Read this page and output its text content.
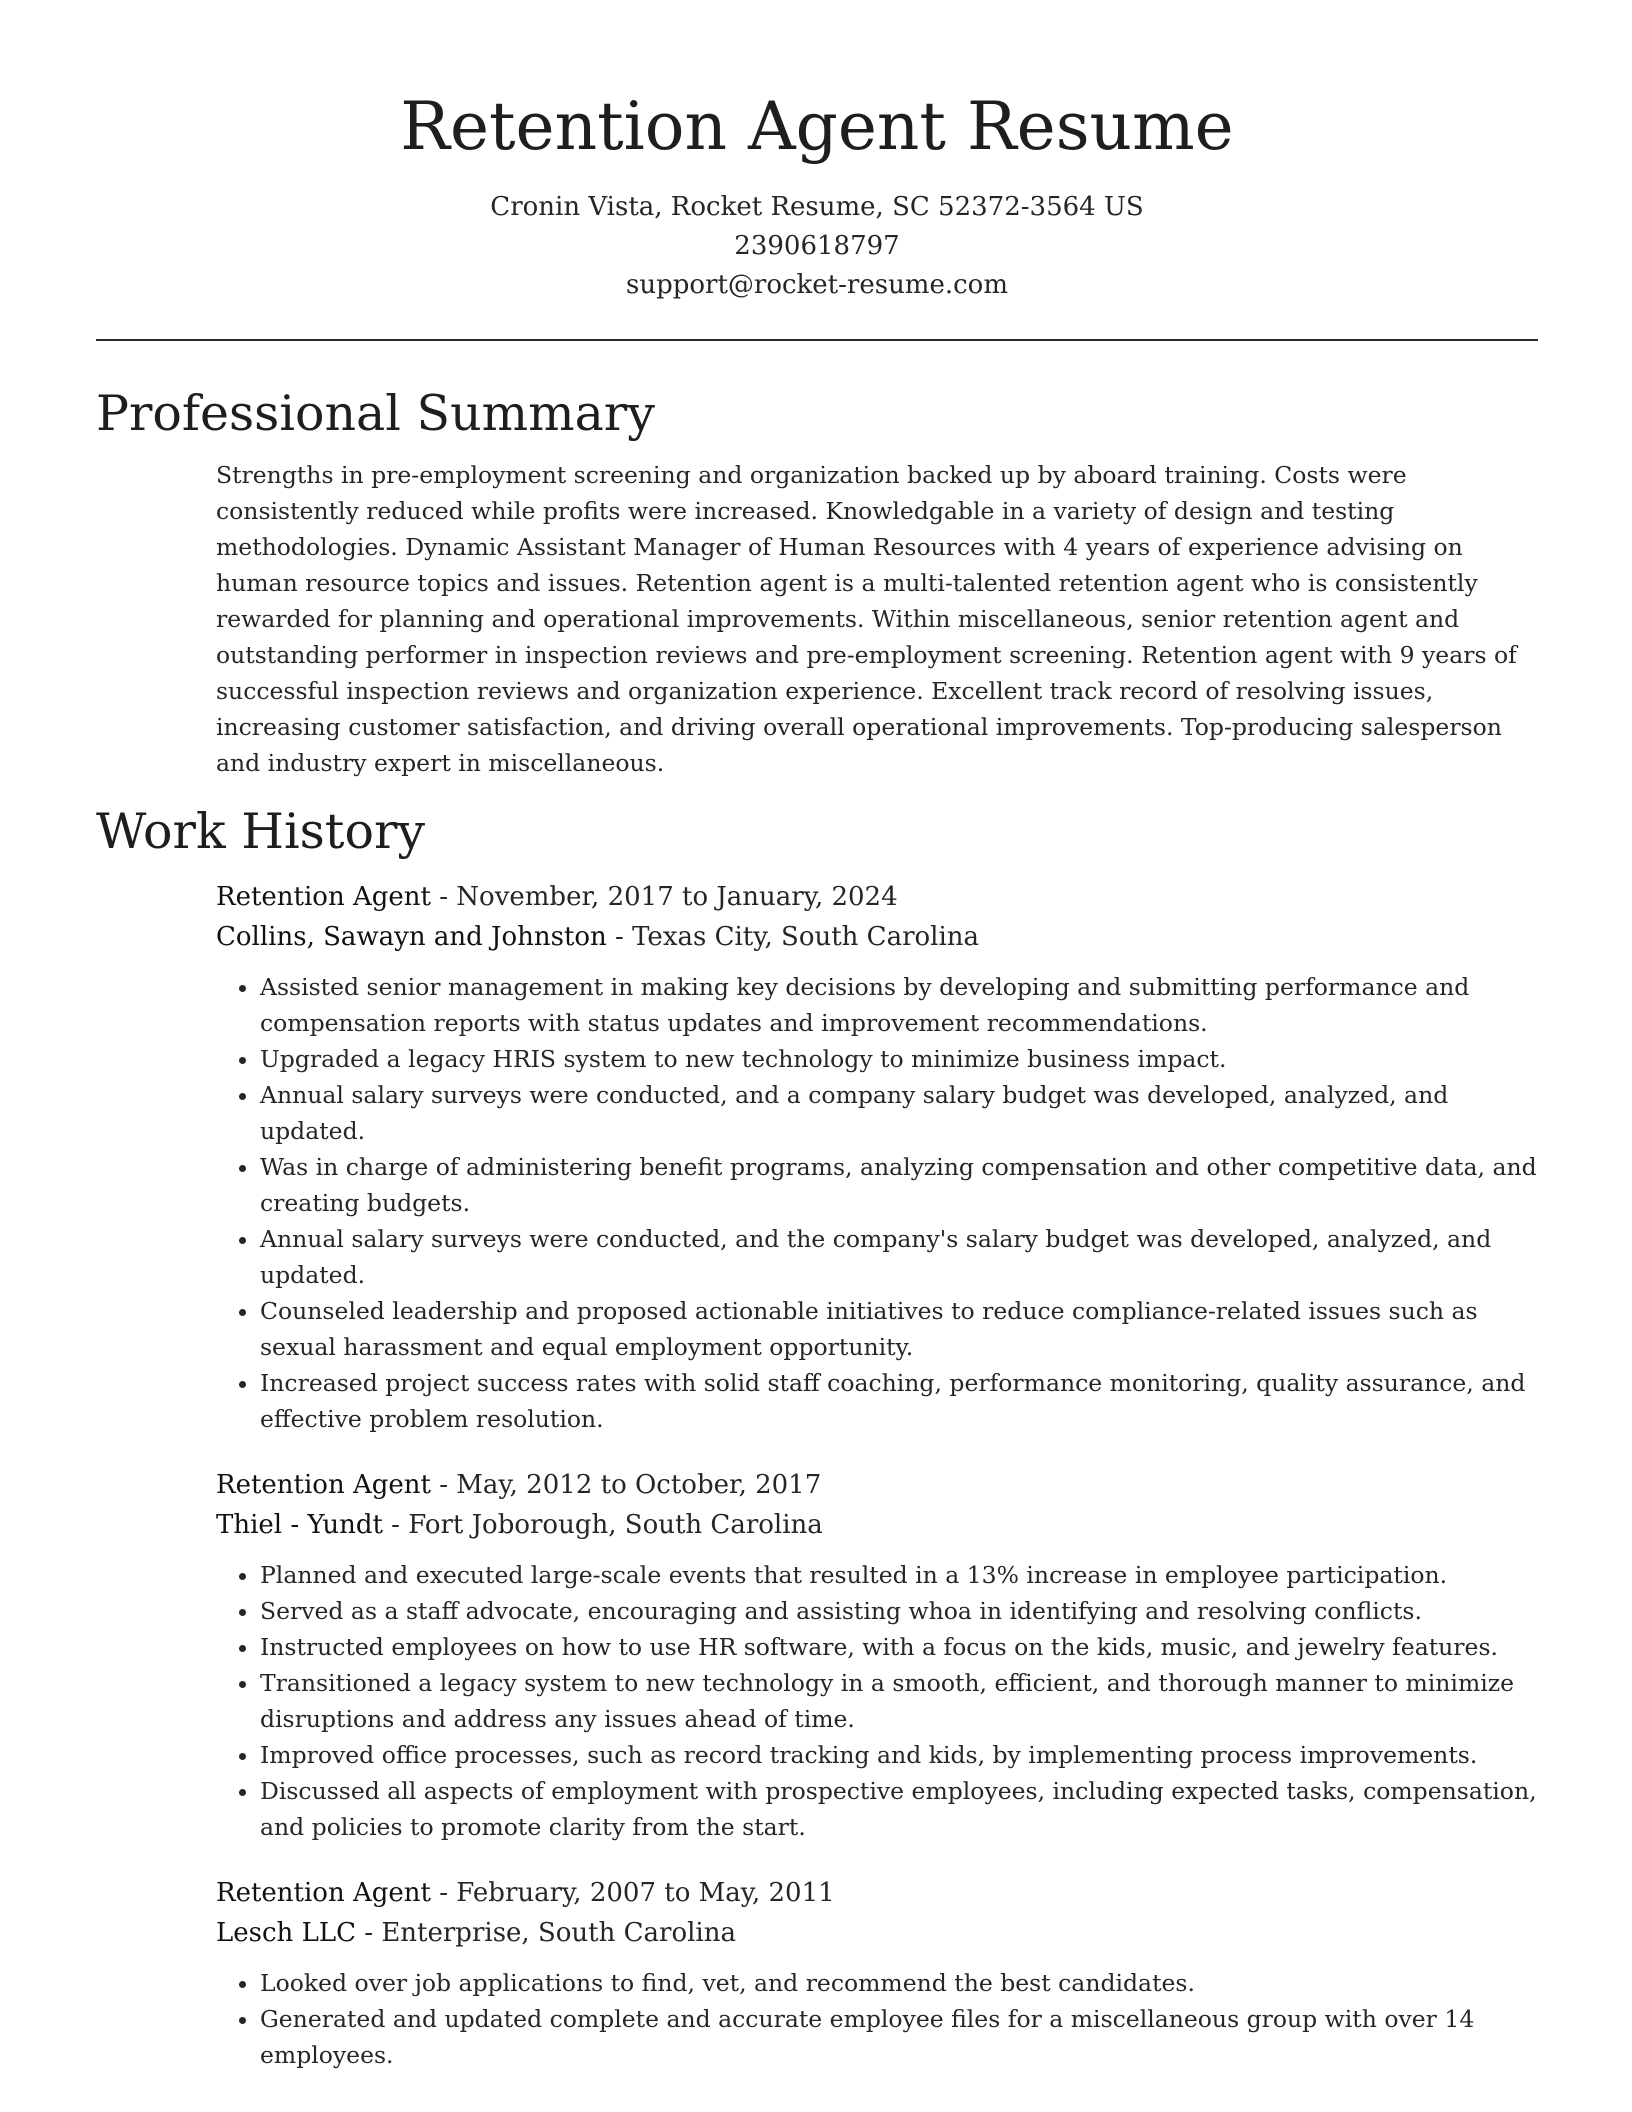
Retention Agent Resume

Cronin Vista, Rocket Resume, SC 52372-3564 US

2390618797

support@rocket-resume.com

Professional Summary

Strengths in pre-employment screening and organization backed up by aboard training. Costs were consistently reduced while profits were increased. Knowledgable in a variety of design and testing methodologies. Dynamic Assistant Manager of Human Resources with 4 years of experience advising on human resource topics and issues. Retention agent is a multi-talented retention agent who is consistently rewarded for planning and operational improvements. Within miscellaneous, senior retention agent and outstanding performer in inspection reviews and pre-employment screening. Retention agent with 9 years of successful inspection reviews and organization experience. Excellent track record of resolving issues, increasing customer satisfaction, and driving overall operational improvements. Top-producing salesperson and industry expert in miscellaneous.

Work History

Retention Agent - November, 2017 to January, 2024

Collins, Sawayn and Johnston - Texas City, South Carolina

• Assisted senior management in making key decisions by developing and submitting performance and compensation reports with status updates and improvement recommendations.
• Upgraded a legacy HRIS system to new technology to minimize business impact.
• Annual salary surveys were conducted, and a company salary budget was developed, analyzed, and updated.
• Was in charge of administering benefit programs, analyzing compensation and other competitive data, and creating budgets.
• Annual salary surveys were conducted, and the company's salary budget was developed, analyzed, and updated.
• Counseled leadership and proposed actionable initiatives to reduce compliance-related issues such as sexual harassment and equal employment opportunity.
• Increased project success rates with solid staff coaching, performance monitoring, quality assurance, and effective problem resolution.

Retention Agent - May, 2012 to October, 2017

Thiel - Yundt - Fort Joborough, South Carolina

• Planned and executed large-scale events that resulted in a 13% increase in employee participation.
• Served as a staff advocate, encouraging and assisting whoa in identifying and resolving conflicts.
• Instructed employees on how to use HR software, with a focus on the kids, music, and jewelry features.
• Transitioned a legacy system to new technology in a smooth, efficient, and thorough manner to minimize disruptions and address any issues ahead of time.
• Improved office processes, such as record tracking and kids, by implementing process improvements.
• Discussed all aspects of employment with prospective employees, including expected tasks, compensation, and policies to promote clarity from the start.

Retention Agent - February, 2007 to May, 2011

Lesch LLC - Enterprise, South Carolina

• Looked over job applications to find, vet, and recommend the best candidates.
• Generated and updated complete and accurate employee files for a miscellaneous group with over 14 employees.
